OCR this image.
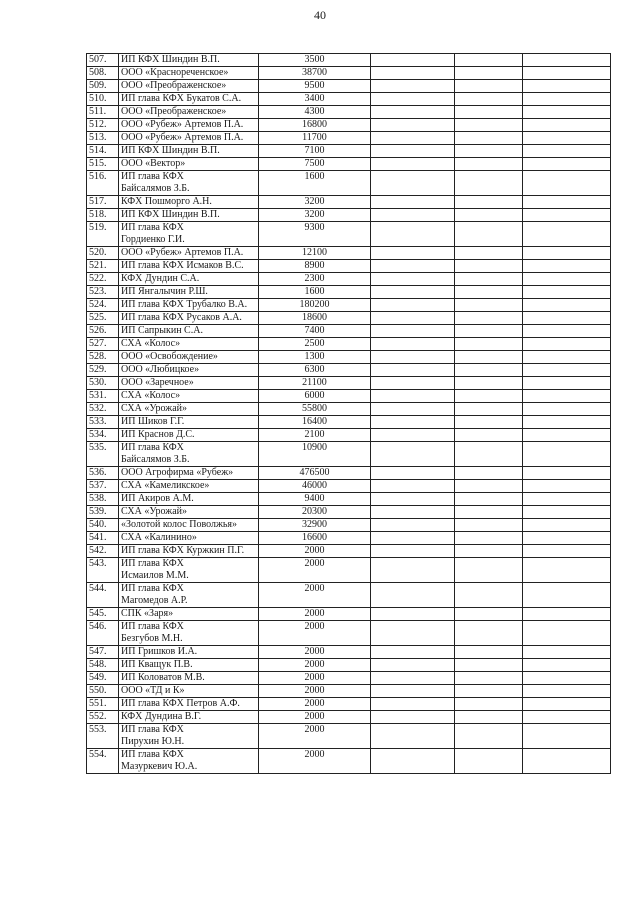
40
507.	ИП КФХ Шиндин В.П.	3500			
508.	ООО «Краснореченское»	38700			
509.	ООО «Преображенское»	9500			
510.	ИП глава КФХ Букатов С.А.	3400			
511.	ООО «Преображенское»	4300			
512.	ООО «Рубеж» Артемов П.А.	16800			
513.	ООО «Рубеж» Артемов П.А.	11700			
514.	ИП КФХ Шиндин В.П.	7100			
515.	ООО «Вектор»	7500			
516.	ИП глава КФХ
Байсалямов З.Б.	1600			
517.	КФХ Пошморго А.Н.	3200			
518.	ИП КФХ Шиндин В.П.	3200			
519.	ИП глава КФХ
Гордиенко Г.И.	9300			
520.	ООО «Рубеж» Артемов П.А.	12100			
521.	ИП глава КФХ Исмаков В.С.	8900			
522.	КФХ Дундин С.А.	2300			
523.	ИП Янгалычин Р.Ш.	1600			
524.	ИП глава КФХ Трубалко В.А.	180200			
525.	ИП глава КФХ Русаков А.А.	18600			
526.	ИП Сапрыкин С.А.	7400			
527.	СХА «Колос»	2500			
528.	ООО «Освобождение»	1300			
529.	ООО «Любицкое»	6300			
530.	ООО «Заречное»	21100			
531.	СХА «Колос»	6000			
532.	СХА «Урожай»	55800			
533.	ИП Шиков Г.Г.	16400			
534.	ИП Краснов Д.С.	2100			
535.	ИП глава КФХ
Байсалямов З.Б.	10900			
536.	ООО Агрофирма «Рубеж»	476500			
537.	СХА «Камеликское»	46000			
538.	ИП Акиров А.М.	9400			
539.	СХА «Урожай»	20300			
540.	«Золотой колос Поволжья»	32900			
541.	СХА «Калинино»	16600			
542.	ИП глава КФХ Куржкин П.Г.	2000			
543.	ИП глава КФХ
Исмаилов М.М.	2000			
544.	ИП глава КФХ
Магомедов А.Р.	2000			
545.	СПК «Заря»	2000			
546.	ИП глава КФХ
Безгубов М.Н.	2000			
547.	ИП Гришков И.А.	2000			
548.	ИП Кващук П.В.	2000			
549.	ИП Коловатов М.В.	2000			
550.	ООО «ТД и К»	2000			
551.	ИП глава КФХ Петров А.Ф.	2000			
552.	КФХ Дундина В.Г.	2000			
553.	ИП глава КФХ
Пирухин Ю.Н.	2000			
554.	ИП глава КФХ
Мазуркевич Ю.А.	2000			
